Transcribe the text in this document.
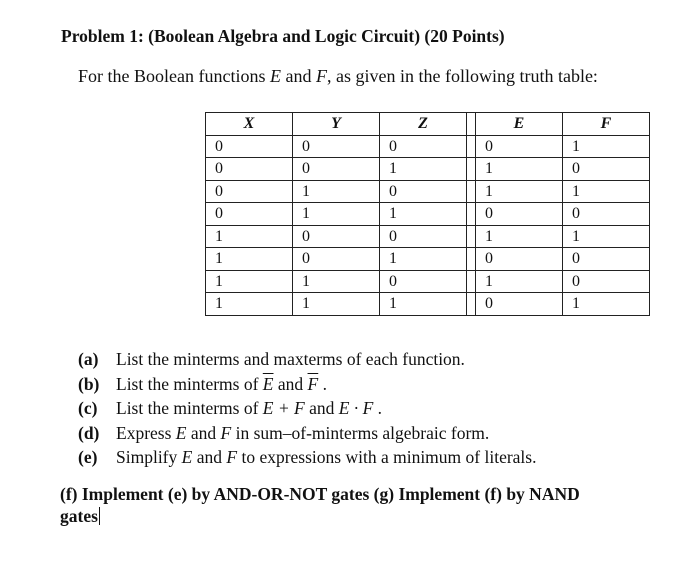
Problem 1: (Boolean Algebra and Logic Circuit) (20 Points)
For the Boolean functions E and F, as given in the following truth table:
X	Y	Z		E	F
0	0	0		0	1
0	0	1		1	0
0	1	0		1	1
0	1	1		0	0
1	0	0		1	1
1	0	1		0	0
1	1	0		1	0
1	1	1		0	1
(a) List the minterms and maxterms of each function.
(b) List the minterms of $\overline{E}$ and $\overline{F}$ .
(c) List the minterms of E + F and E · F .
(d) Express E and F in sum–of-minterms algebraic form.
(e) Simplify E and F to expressions with a minimum of literals.
(f) Implement (e) by AND-OR-NOT gates (g) Implement (f) by NAND
gates
